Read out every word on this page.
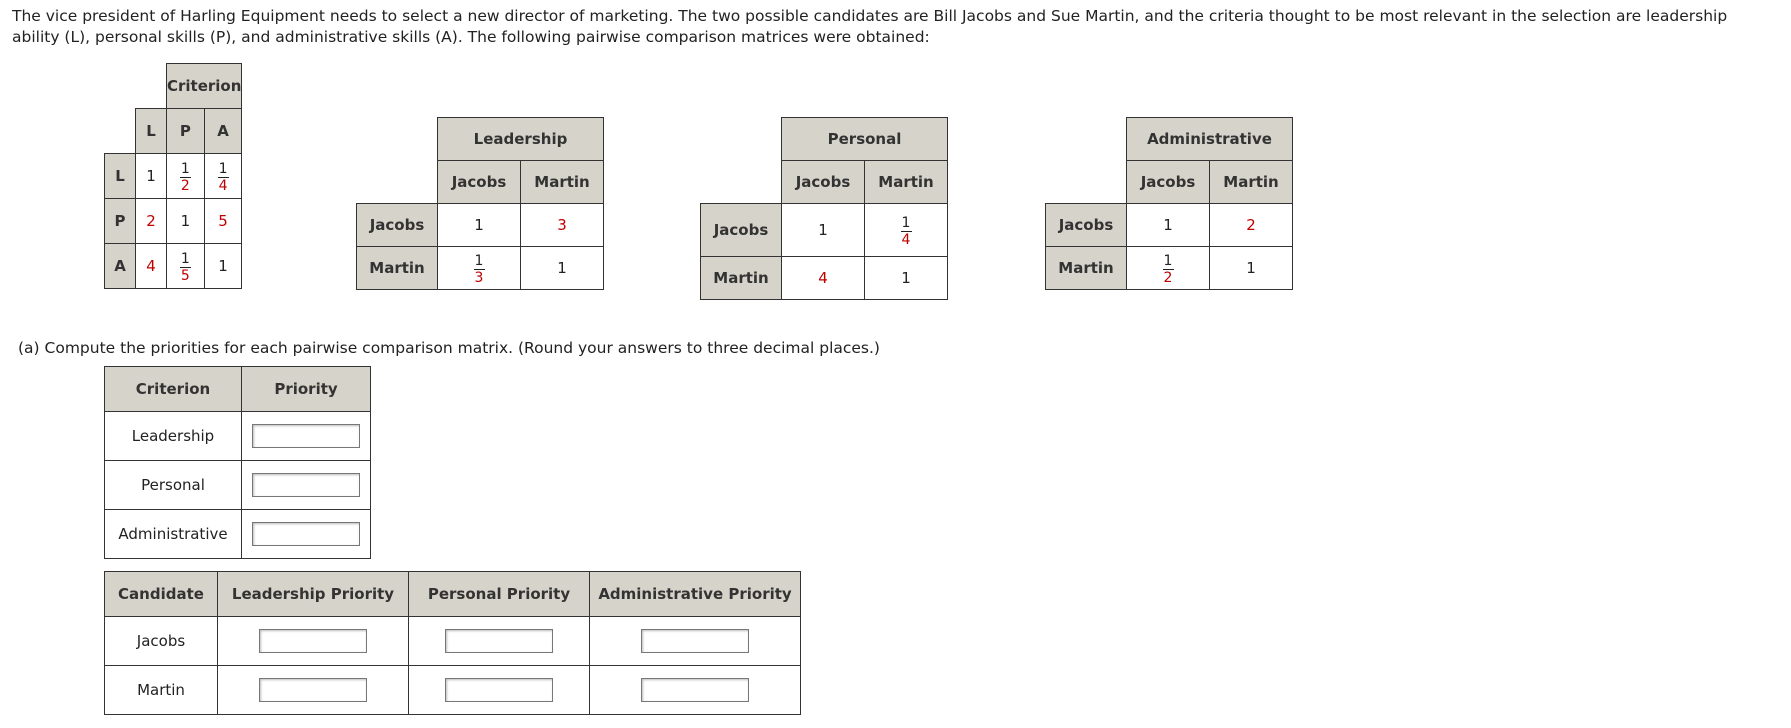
The vice president of Harling Equipment needs to select a new director of marketing. The two possible candidates are Bill Jacobs and Sue Martin, and the criteria thought to be most relevant in the selection are leadership ability (L), personal skills (P), and administrative skills (A). The following pairwise comparison matrices were obtained:
		Criterion	
	L	P	A
L	1	$\frac{1}{2}$	$\frac{1}{4}$

P	2	1	5
A	4	$\frac{1}{5}$	1
	Leadership	
	Jacobs	Martin
Jacobs	1	3
Martin	$\frac{1}{3}$	1
	Personal	
	Jacobs	Martin
Jacobs	1	$\frac{1}{4}$

Martin	4	1
	Administrative	
	Jacobs	Martin
Jacobs	1	2
Martin	$\frac{1}{2}$	1
(a) Compute the priorities for each pairwise comparison matrix. (Round your answers to three decimal places.)
Criterion	Priority
Leadership	
Personal	
Administrative	
Candidate	Leadership Priority	Personal Priority	Administrative Priority
Jacobs			
Martin			
